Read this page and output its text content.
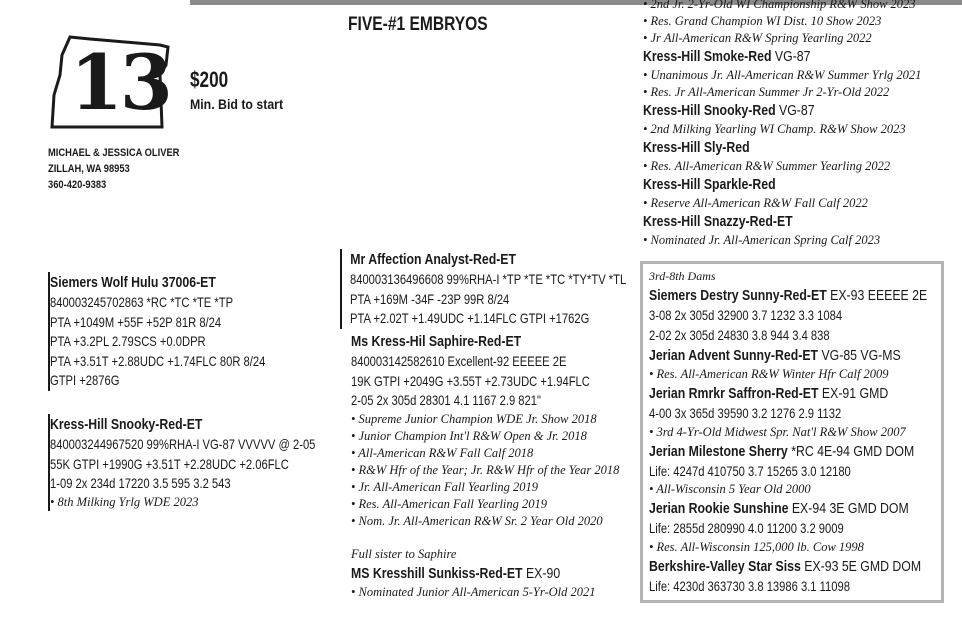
FIVE-#1 EMBRYOS
13 $200
Min. Bid to start
MICHAEL & JESSICA OLIVER
ZILLAH, WA 98953
360-420-9383
Siemers Wolf Hulu 37006-ET
840003245702863 *RC *TC *TE *TP
PTA +1049M +55F +52P 81R 8/24
PTA +3.2PL 2.79SCS +0.0DPR
PTA +3.51T +2.88UDC +1.74FLC 80R 8/24
GTPI +2876G
Kress-Hill Snooky-Red-ET
840003244967520 99%RHA-I VG-87 VVVVV @ 2-05
55K GTPI +1990G +3.51T +2.28UDC +2.06FLC
1-09 2x 234d 17220 3.5 595 3.2 543
• 8th Milking Yrlg WDE 2023
Mr Affection Analyst-Red-ET
840003136496608 99%RHA-I *TP *TE *TC *TY*TV *TL
PTA +169M -34F -23P 99R 8/24
PTA +2.02T +1.49UDC +1.14FLC GTPI +1762G
Ms Kress-Hil Saphire-Red-ET
840003142582610 Excellent-92 EEEEE 2E
19K GTPI +2049G +3.55T +2.73UDC +1.94FLC
2-05 2x 305d 28301 4.1 1167 2.9 821"
• Supreme Junior Champion WDE Jr. Show 2018
• Junior Champion Int'l R&W Open & Jr. 2018
• All-American R&W Fall Calf 2018
• R&W Hfr of the Year; Jr. R&W Hfr of the Year 2018
• Jr. All-American Fall Yearling 2019
• Res. All-American Fall Yearling 2019
• Nom. Jr. All-American R&W Sr. 2 Year Old 2020
Full sister to Saphire
MS Kresshill Sunkiss-Red-ET EX-90
• Nominated Junior All-American 5-Yr-Old 2021
• 2nd Jr. 2-Yr-Old WI Championship R&W Show 2023
• Res. Grand Champion WI Dist. 10 Show 2023
• Jr All-American R&W Spring Yearling 2022
Kress-Hill Smoke-Red VG-87
• Unanimous Jr. All-American R&W Summer Yrlg 2021
• Res. Jr All-American Summer Jr 2-Yr-Old 2022
Kress-Hill Snooky-Red VG-87
• 2nd Milking Yearling WI Champ. R&W Show 2023
Kress-Hill Sly-Red
• Res. All-American R&W Summer Yearling 2022
Kress-Hill Sparkle-Red
• Reserve All-American R&W Fall Calf 2022
Kress-Hill Snazzy-Red-ET
• Nominated Jr. All-American Spring Calf 2023
3rd-8th Dams
Siemers Destry Sunny-Red-ET EX-93 EEEEE 2E
3-08 2x 305d 32900 3.7 1232 3.3 1084
2-02 2x 305d 24830 3.8 944 3.4 838
Jerian Advent Sunny-Red-ET VG-85 VG-MS
• Res. All-American R&W Winter Hfr Calf 2009
Jerian Rmrkr Saffron-Red-ET EX-91 GMD
4-00 3x 365d 39590 3.2 1276 2.9 1132
• 3rd 4-Yr-Old Midwest Spr. Nat'l R&W Show 2007
Jerian Milestone Sherry *RC 4E-94 GMD DOM
Life: 4247d 410750 3.7 15265 3.0 12180
• All-Wisconsin 5 Year Old 2000
Jerian Rookie Sunshine EX-94 3E GMD DOM
Life: 2855d 280990 4.0 11200 3.2 9009
• Res. All-Wisconsin 125,000 lb. Cow 1998
Berkshire-Valley Star Siss EX-93 5E GMD DOM
Life: 4230d 363730 3.8 13986 3.1 11098
